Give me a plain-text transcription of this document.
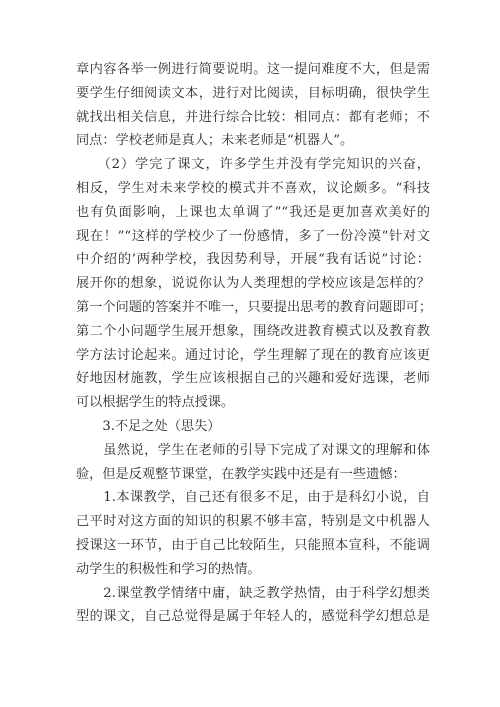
章内容各举一例进行简要说明。这一提问难度不大，但是需
要学生仔细阅读文本，进行对比阅读，目标明确，很快学生
就找出相关信息，并进行综合比较：相同点：都有老师；不
同点：学校老师是真人；未来老师是“机器人”。
　　（2）学完了课文，许多学生并没有学完知识的兴奋，
相反，学生对未来学校的模式并不喜欢，议论颇多。“科技
也有负面影响，上课也太单调了”“我还是更加喜欢美好的
现在！”“这样的学校少了一份感情，多了一份冷漠”针对文
中介绍的’两种学校，我因势利导，开展“我有话说”讨论：
展开你的想象，说说你认为人类理想的学校应该是怎样的？
第一个问题的答案并不唯一，只要提出思考的教育问题即可；
第二个小问题学生展开想象，围绕改进教育模式以及教育教
学方法讨论起来。通过讨论，学生理解了现在的教育应该更
好地因材施教，学生应该根据自己的兴趣和爱好选课，老师
可以根据学生的特点授课。
　　3.不足之处（思失）
　　虽然说，学生在老师的引导下完成了对课文的理解和体
验，但是反观整节课堂，在教学实践中还是有一些遗憾：
　　1.本课教学，自己还有很多不足，由于是科幻小说，自
己平时对这方面的知识的积累不够丰富，特别是文中机器人
授课这一环节，由于自己比较陌生，只能照本宣科，不能调
动学生的积极性和学习的热情。
　　2.课堂教学情绪中庸，缺乏教学热情，由于科学幻想类
型的课文，自己总觉得是属于年轻人的，感觉科学幻想总是
